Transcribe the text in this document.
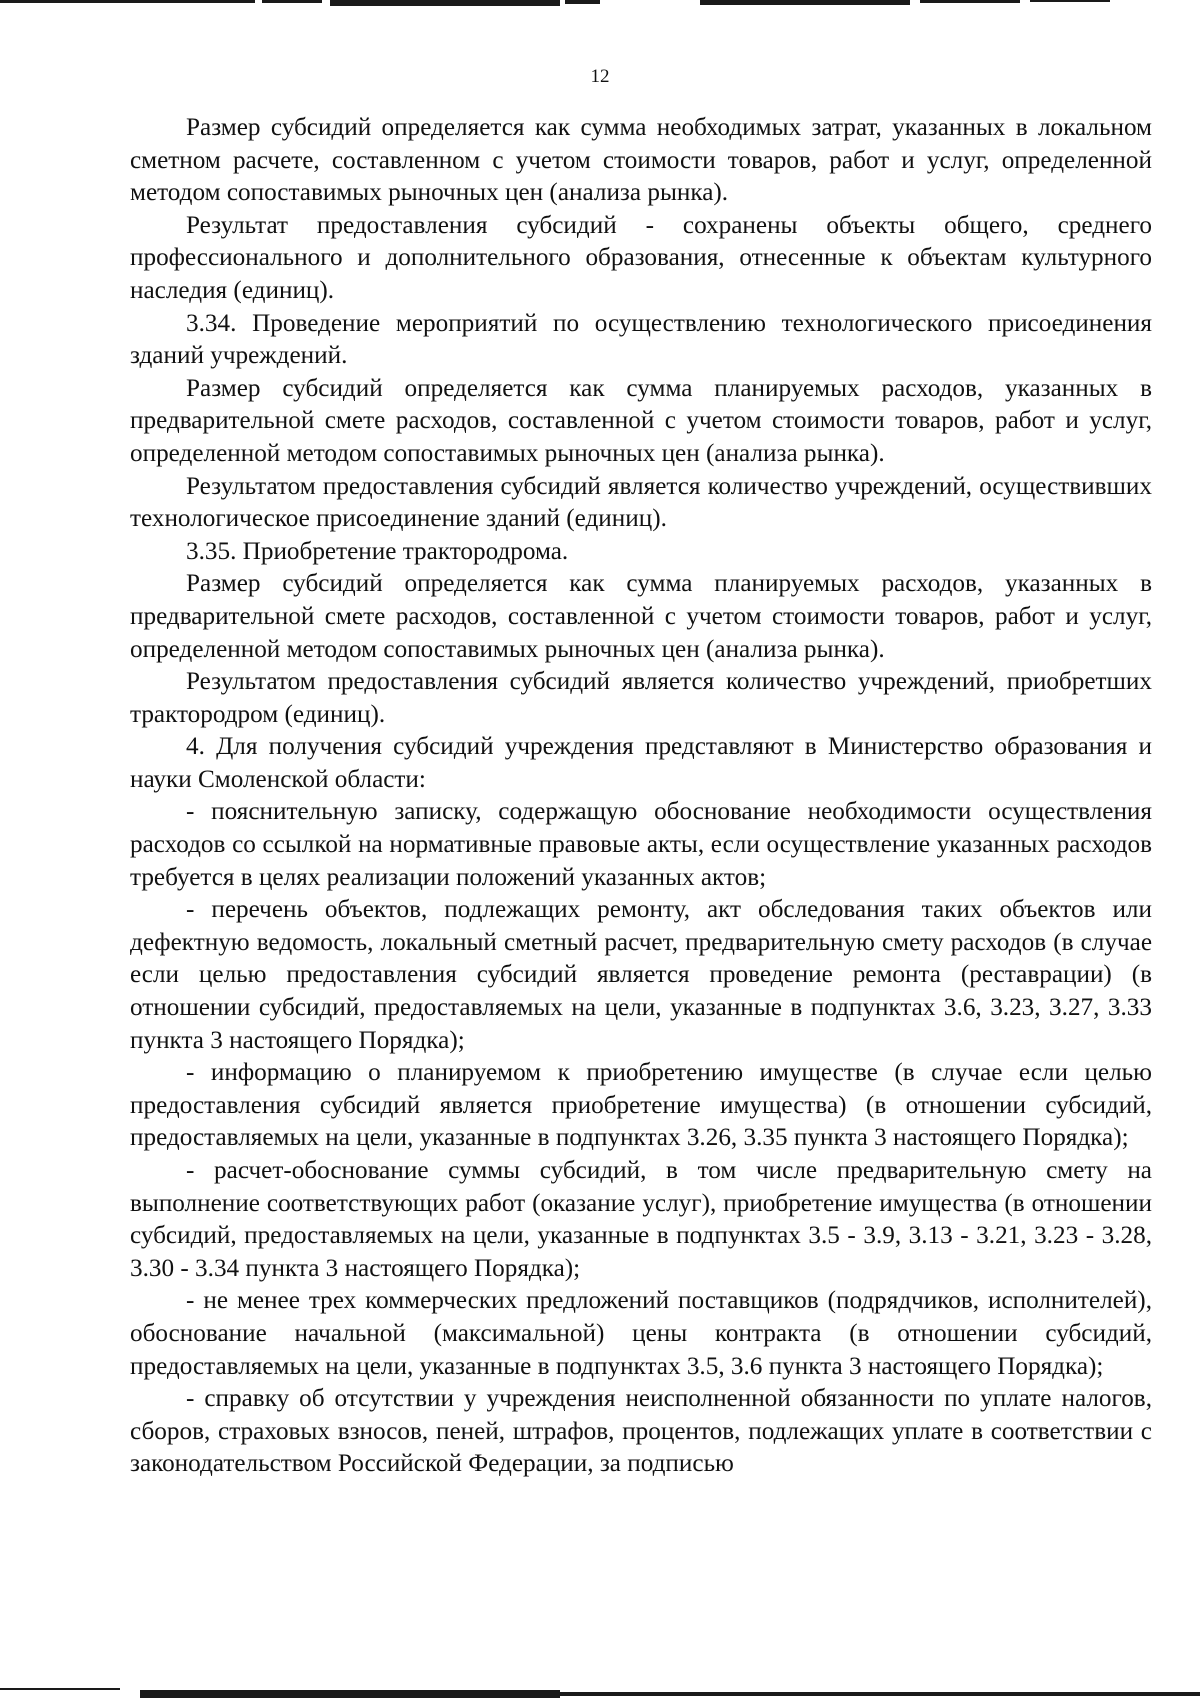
12

Размер субсидий определяется как сумма необходимых затрат, указанных в локальном сметном расчете, составленном с учетом стоимости товаров, работ и услуг, определенной методом сопоставимых рыночных цен (анализа рынка).

Результат предоставления субсидий - сохранены объекты общего, среднего профессионального и дополнительного образования, отнесенные к объектам культурного наследия (единиц).

3.34. Проведение мероприятий по осуществлению технологического присоединения зданий учреждений.

Размер субсидий определяется как сумма планируемых расходов, указанных в предварительной смете расходов, составленной с учетом стоимости товаров, работ и услуг, определенной методом сопоставимых рыночных цен (анализа рынка).

Результатом предоставления субсидий является количество учреждений, осуществивших технологическое присоединение зданий (единиц).

3.35. Приобретение трактородрома.

Размер субсидий определяется как сумма планируемых расходов, указанных в предварительной смете расходов, составленной с учетом стоимости товаров, работ и услуг, определенной методом сопоставимых рыночных цен (анализа рынка).

Результатом предоставления субсидий является количество учреждений, приобретших трактородром (единиц).

4. Для получения субсидий учреждения представляют в Министерство образования и науки Смоленской области:

- пояснительную записку, содержащую обоснование необходимости осуществления расходов со ссылкой на нормативные правовые акты, если осуществление указанных расходов требуется в целях реализации положений указанных актов;

- перечень объектов, подлежащих ремонту, акт обследования таких объектов или дефектную ведомость, локальный сметный расчет, предварительную смету расходов (в случае если целью предоставления субсидий является проведение ремонта (реставрации) (в отношении субсидий, предоставляемых на цели, указанные в подпунктах 3.6, 3.23, 3.27, 3.33 пункта 3 настоящего Порядка);

- информацию о планируемом к приобретению имуществе (в случае если целью предоставления субсидий является приобретение имущества) (в отношении субсидий, предоставляемых на цели, указанные в подпунктах 3.26, 3.35 пункта 3 настоящего Порядка);

- расчет-обоснование суммы субсидий, в том числе предварительную смету на выполнение соответствующих работ (оказание услуг), приобретение имущества (в отношении субсидий, предоставляемых на цели, указанные в подпунктах 3.5 - 3.9, 3.13 - 3.21, 3.23 - 3.28, 3.30 - 3.34 пункта 3 настоящего Порядка);

- не менее трех коммерческих предложений поставщиков (подрядчиков, исполнителей), обоснование начальной (максимальной) цены контракта (в отношении субсидий, предоставляемых на цели, указанные в подпунктах 3.5, 3.6 пункта 3 настоящего Порядка);

- справку об отсутствии у учреждения неисполненной обязанности по уплате налогов, сборов, страховых взносов, пеней, штрафов, процентов, подлежащих уплате в соответствии с законодательством Российской Федерации, за подписью
